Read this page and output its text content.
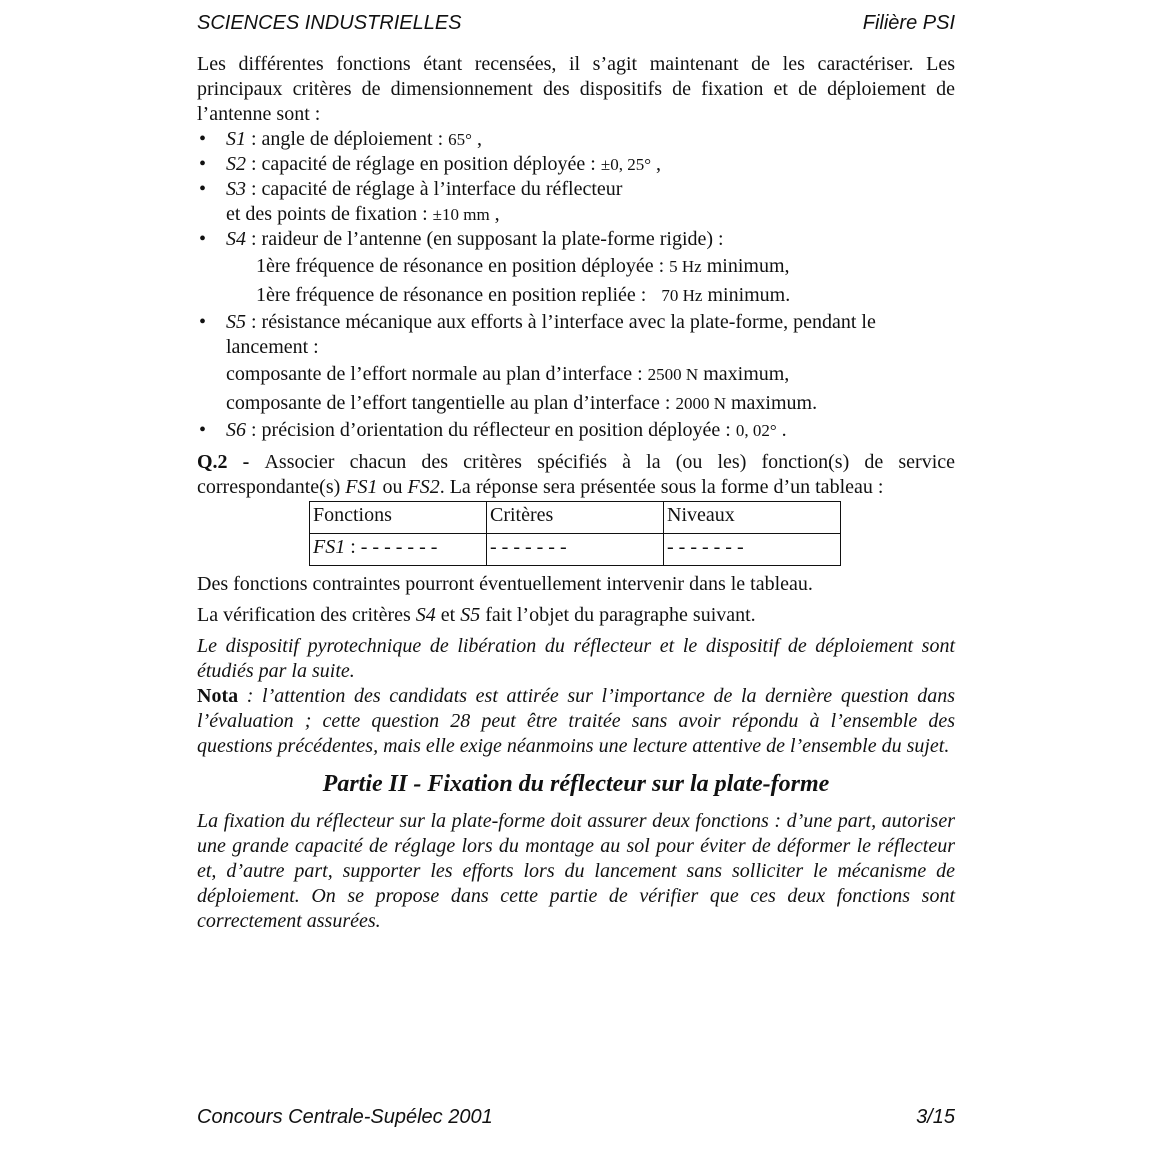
SCIENCES INDUSTRIELLES	Filière PSI

Les différentes fonctions étant recensées, il s’agit maintenant de les caractériser. Les principaux critères de dimensionnement des dispositifs de fixation et de déploiement de l’antenne sont :

• S1 : angle de déploiement : 65° ,
• S2 : capacité de réglage en position déployée : ±0, 25° ,
• S3 : capacité de réglage à l’interface du réflecteur
et des points de fixation : ±10 mm ,
• S4 : raideur de l’antenne (en supposant la plate-forme rigide) :
1ère fréquence de résonance en position déployée : 5 Hz minimum,
1ère fréquence de résonance en position repliée :   70 Hz minimum.
• S5 : résistance mécanique aux efforts à l’interface avec la plate-forme, pendant le lancement :
composante de l’effort normale au plan d’interface : 2500 N maximum,
composante de l’effort tangentielle au plan d’interface : 2000 N maximum.
• S6 : précision d’orientation du réflecteur en position déployée : 0, 02° .

Q.2 - Associer chacun des critères spécifiés à la (ou les) fonction(s) de service correspondante(s) FS1 ou FS2. La réponse sera présentée sous la forme d’un tableau :

Fonctions	Critères	Niveaux
FS1 : - - - - - - -	- - - - - - -	- - - - - - -

Des fonctions contraintes pourront éventuellement intervenir dans le tableau.

La vérification des critères S4 et S5 fait l’objet du paragraphe suivant.

Le dispositif pyrotechnique de libération du réflecteur et le dispositif de déploiement sont étudiés par la suite.

Nota : l’attention des candidats est attirée sur l’importance de la dernière question dans l’évaluation ; cette question 28 peut être traitée sans avoir répondu à l’ensemble des questions précédentes, mais elle exige néanmoins une lecture attentive de l’ensemble du sujet.

Partie II - Fixation du réflecteur sur la plate-forme

La fixation du réflecteur sur la plate-forme doit assurer deux fonctions : d’une part, autoriser une grande capacité de réglage lors du montage au sol pour éviter de déformer le réflecteur et, d’autre part, supporter les efforts lors du lancement sans solliciter le mécanisme de déploiement. On se propose dans cette partie de vérifier que ces deux fonctions sont correctement assurées.

Concours Centrale-Supélec 2001	3/15
